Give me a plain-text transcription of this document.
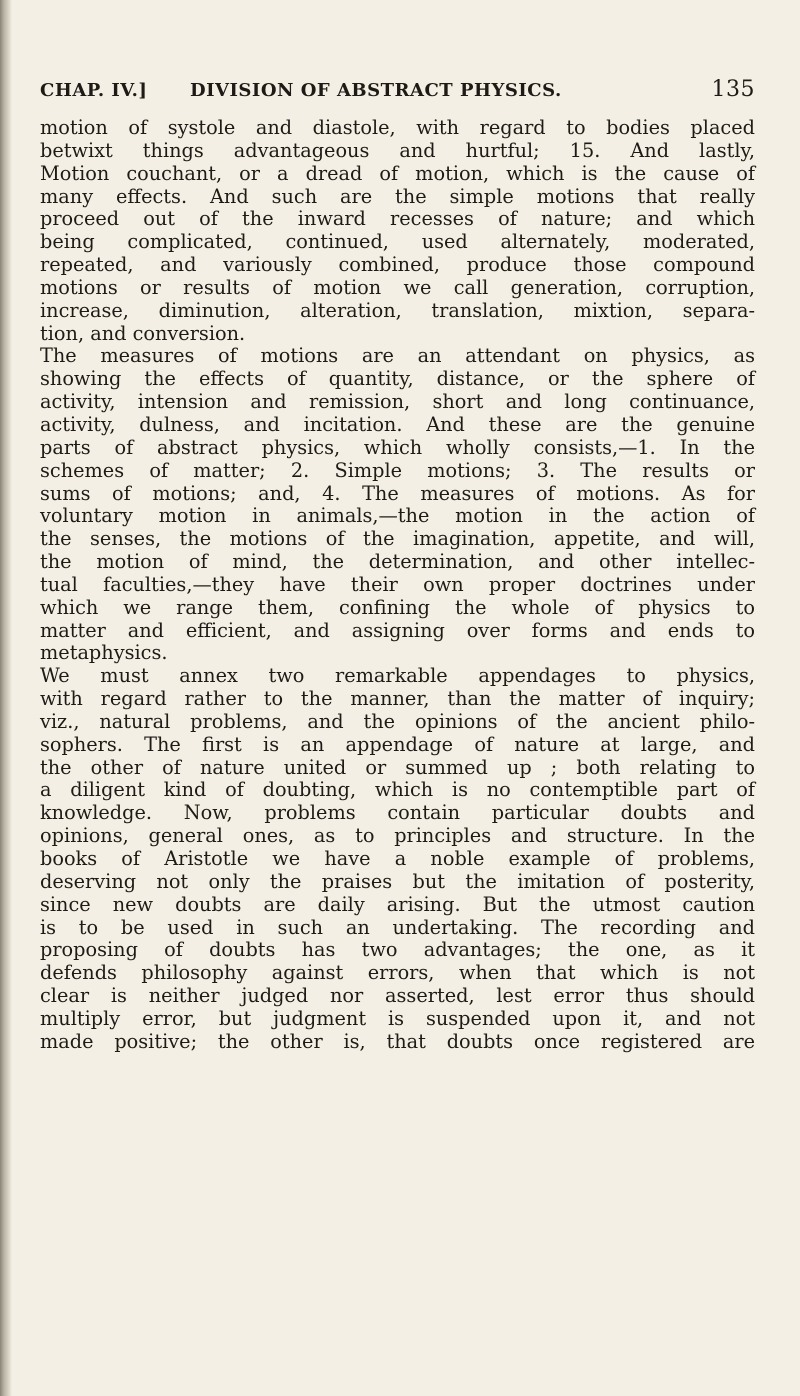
CHAP. IV.] DIVISION OF ABSTRACT PHYSICS.	135
motion of systole and diastole, with regard to bodies placed
betwixt things advantageous and hurtful; 15. And lastly,
Motion couchant, or a dread of motion, which is the cause of
many effects. And such are the simple motions that really
proceed out of the inward recesses of nature; and which
being complicated, continued, used alternately, moderated,
repeated, and variously combined, produce those compound
motions or results of motion we call generation, corruption,
increase, diminution, alteration, translation, mixtion, separa-
tion, and conversion.
The measures of motions are an attendant on physics, as
showing the effects of quantity, distance, or the sphere of
activity, intension and remission, short and long continuance,
activity, dulness, and incitation. And these are the genuine
parts of abstract physics, which wholly consists,—1. In the
schemes of matter; 2. Simple motions; 3. The results or
sums of motions; and, 4. The measures of motions. As for
voluntary motion in animals,—the motion in the action of
the senses, the motions of the imagination, appetite, and will,
the motion of mind, the determination, and other intellec-
tual faculties,—they have their own proper doctrines under
which we range them, confining the whole of physics to
matter and efficient, and assigning over forms and ends to
metaphysics.
We must annex two remarkable appendages to physics,
with regard rather to the manner, than the matter of inquiry;
viz., natural problems, and the opinions of the ancient philo-
sophers. The first is an appendage of nature at large, and
the other of nature united or summed up ; both relating to
a diligent kind of doubting, which is no contemptible part of
knowledge. Now, problems contain particular doubts and
opinions, general ones, as to principles and structure. In the
books of Aristotle we have a noble example of problems,
deserving not only the praises but the imitation of posterity,
since new doubts are daily arising. But the utmost caution
is to be used in such an undertaking. The recording and
proposing of doubts has two advantages; the one, as it
defends philosophy against errors, when that which is not
clear is neither judged nor asserted, lest error thus should
multiply error, but judgment is suspended upon it, and not
made positive; the other is, that doubts once registered are
